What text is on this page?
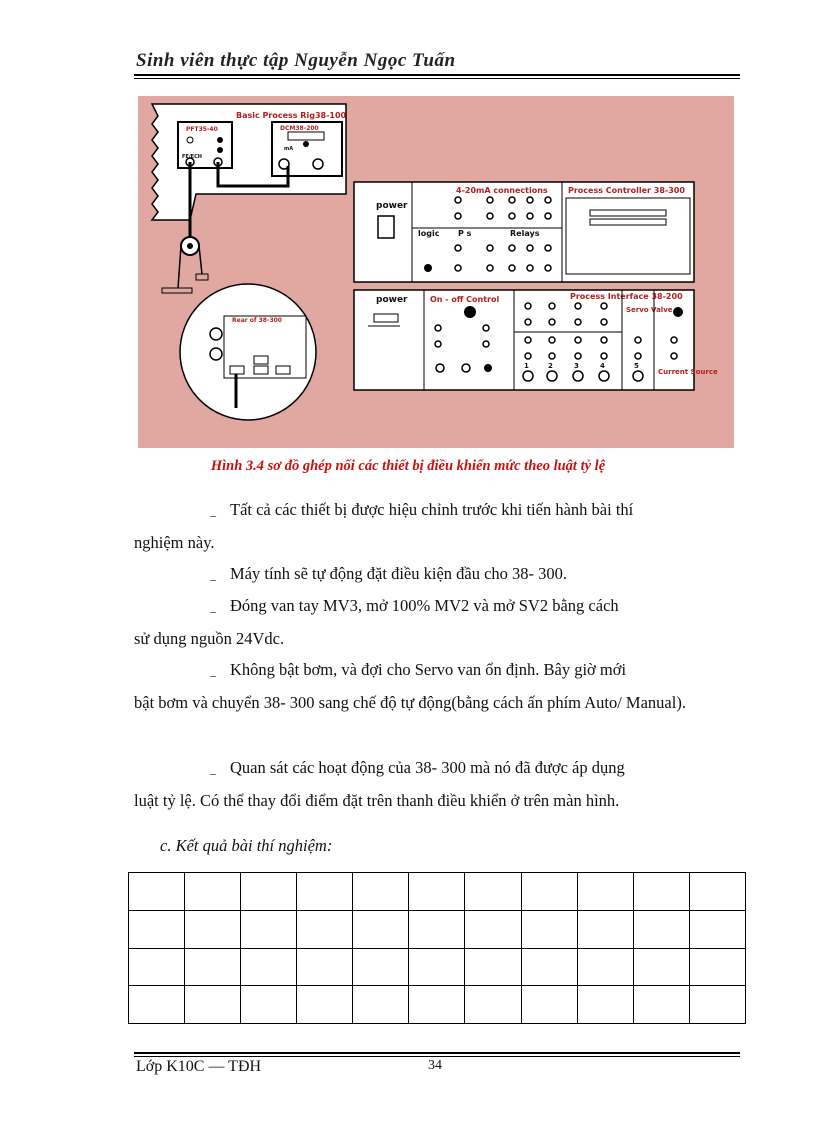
Sinh viên thực tập Nguyễn Ngọc Tuấn
Basic Process Rig38-100
PFT35-40
FE/ECH
DCM38-200
mA
power
4-20mA connections	Process Controller 38-300
logic P s	Relays
power	On - off Control	Process Interface 38-200
Servo Valve
Current Source
1	2	3	4	5
Rear of 38-300
Hình 3.4 sơ đồ ghép nối các thiết bị điều khiển mức theo luật tỷ lệ
_ Tất cả các thiết bị được hiệu chỉnh trước khi tiến hành bài thí
nghiệm này.
_ Máy tính sẽ tự động đặt điều kiện đầu cho 38- 300.
_ Đóng van tay MV3, mở 100% MV2 và mở SV2 bằng cách
sử dụng nguồn 24Vdc.
_ Không bật bơm, và đợi cho Servo van ổn định. Bây giờ mới
bật bơm và chuyển 38- 300 sang chế độ tự động(bằng cách ấn phím Auto/ Manual).
_ Quan sát các hoạt động của 38- 300 mà nó đã được áp dụng
luật tỷ lệ. Có thể thay đổi điểm đặt trên thanh điều khiển ở trên màn hình.
c. Kết quả bài thí nghiệm:

Lớp K10C — TĐH	34
